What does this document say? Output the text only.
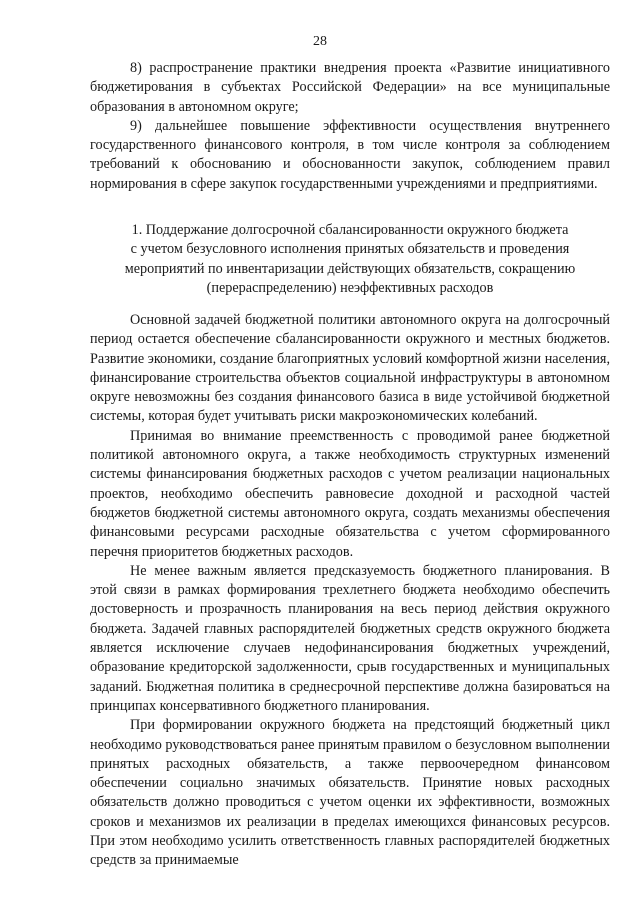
28

8) распространение практики внедрения проекта «Развитие инициативного бюджетирования в субъектах Российской Федерации» на все муниципальные образования в автономном округе;

9) дальнейшее повышение эффективности осуществления внутреннего государственного финансового контроля, в том числе контроля за соблюдением требований к обоснованию и обоснованности закупок, соблюдением правил нормирования в сфере закупок государственными учреждениями и предприятиями.

1. Поддержание долгосрочной сбалансированности окружного бюджета
с учетом безусловного исполнения принятых обязательств и проведения
мероприятий по инвентаризации действующих обязательств, сокращению
(перераспределению) неэффективных расходов

Основной задачей бюджетной политики автономного округа на долгосрочный период остается обеспечение сбалансированности окружного и местных бюджетов. Развитие экономики, создание благоприятных условий комфортной жизни населения, финансирование строительства объектов социальной инфраструктуры в автономном округе невозможны без создания финансового базиса в виде устойчивой бюджетной системы, которая будет учитывать риски макроэкономических колебаний.

Принимая во внимание преемственность с проводимой ранее бюджетной политикой автономного округа, а также необходимость структурных изменений системы финансирования бюджетных расходов с учетом реализации национальных проектов, необходимо обеспечить равновесие доходной и расходной частей бюджетов бюджетной системы автономного округа, создать механизмы обеспечения финансовыми ресурсами расходные обязательства с учетом сформированного перечня приоритетов бюджетных расходов.

Не менее важным является предсказуемость бюджетного планирования. В этой связи в рамках формирования трехлетнего бюджета необходимо обеспечить достоверность и прозрачность планирования на весь период действия окружного бюджета. Задачей главных распорядителей бюджетных средств окружного бюджета является исключение случаев недофинансирования бюджетных учреждений, образование кредиторской задолженности, срыв государственных и муниципальных заданий. Бюджетная политика в среднесрочной перспективе должна базироваться на принципах консервативного бюджетного планирования.

При формировании окружного бюджета на предстоящий бюджетный цикл необходимо руководствоваться ранее принятым правилом о безусловном выполнении принятых расходных обязательств, а также первоочередном финансовом обеспечении социально значимых обязательств. Принятие новых расходных обязательств должно проводиться с учетом оценки их эффективности, возможных сроков и механизмов их реализации в пределах имеющихся финансовых ресурсов. При этом необходимо усилить ответственность главных распорядителей бюджетных средств за принимаемые
